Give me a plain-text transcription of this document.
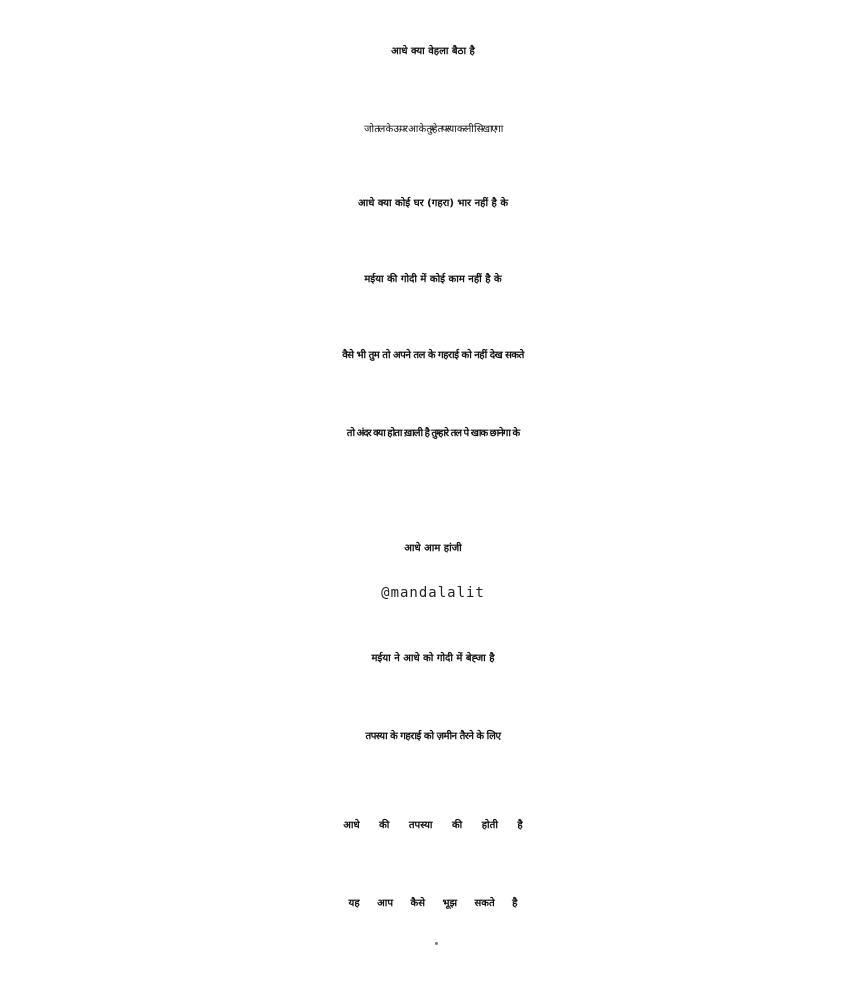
आधे क्या वेहला बैठा है
जो तल के ऊपर आ के तुम्हे तपस्या करनी सिखाएगा
आधे क्या कोई घर (गहरा) भार नहीं है के
मईया की गोदी में कोई काम नहीं है के
वैसे भी तुम तो अपने तल के गहराई को नहीं देख सकते
तो अंदर क्या होता ख़ाली है तुम्हारे तल पे खाक छानेगा के
आधे आम हांजी
@mandalalit
मईया ने आधे को गोदी में बेह्जा है
तपस्या के गहराई को ज़मीन तैरने के लिए
आधे की तपस्या की होती है
यह आप कैसे भूझ सकते है
